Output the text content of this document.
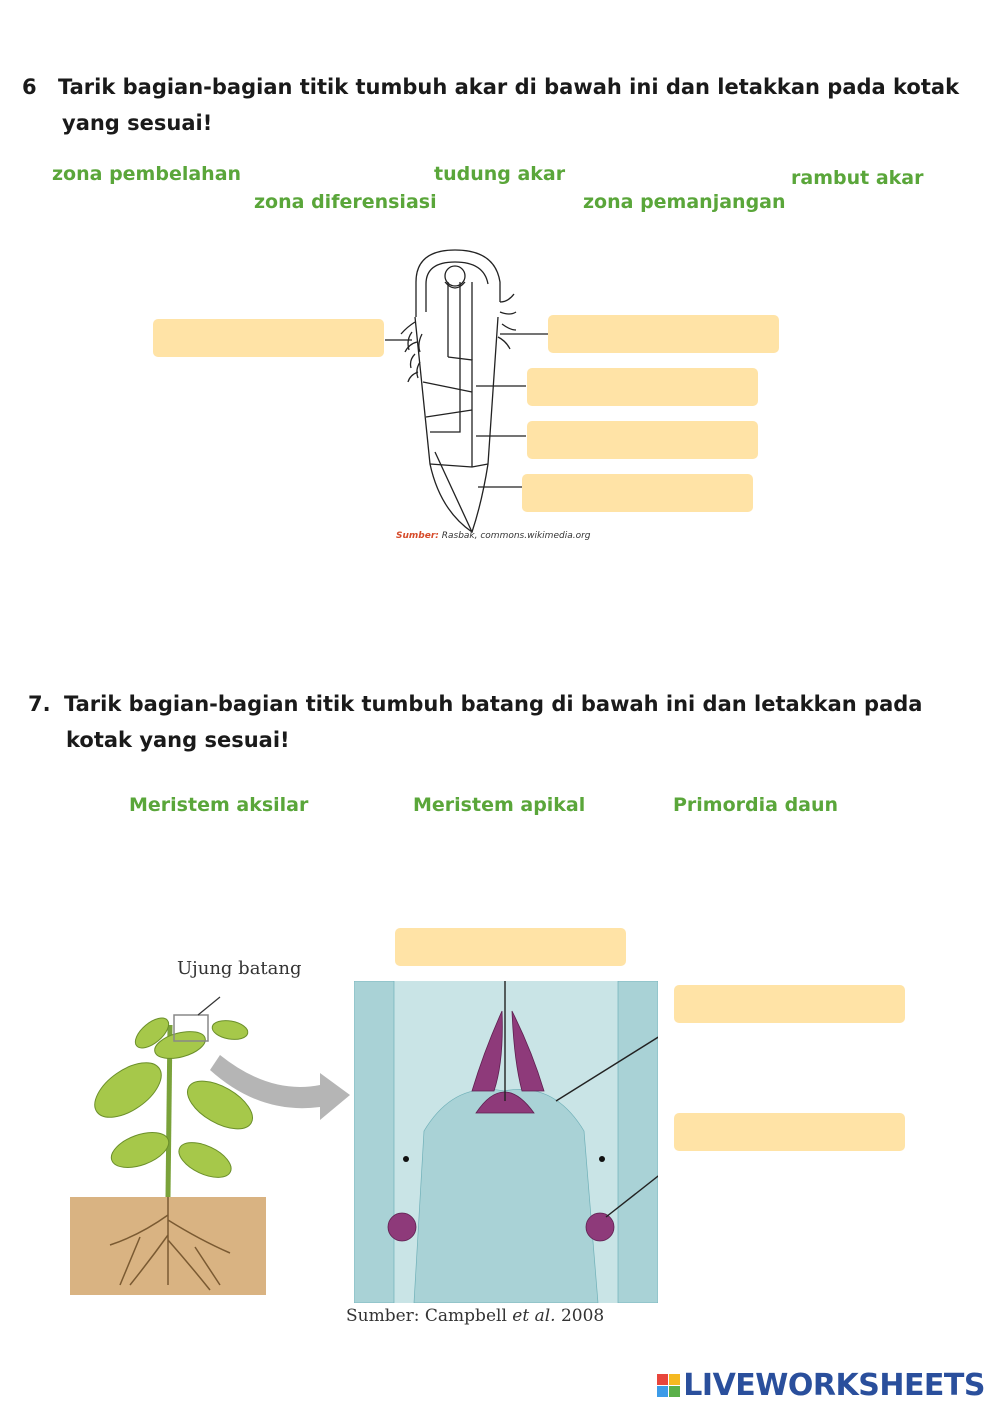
6 Tarik bagian-bagian titik tumbuh akar di bawah ini dan letakkan pada kotak
yang sesuai!
zona pembelahan
zona diferensiasi
tudung akar
zona pemanjangan
rambut akar
Sumber: Rasbak, commons.wikimedia.org
7. Tarik bagian-bagian titik tumbuh batang di bawah ini dan letakkan pada
kotak yang sesuai!
Meristem aksilar	Meristem apikal	Primordia daun
Ujung batang
Sumber: Campbell et al. 2008
LIVEWORKSHEETS
